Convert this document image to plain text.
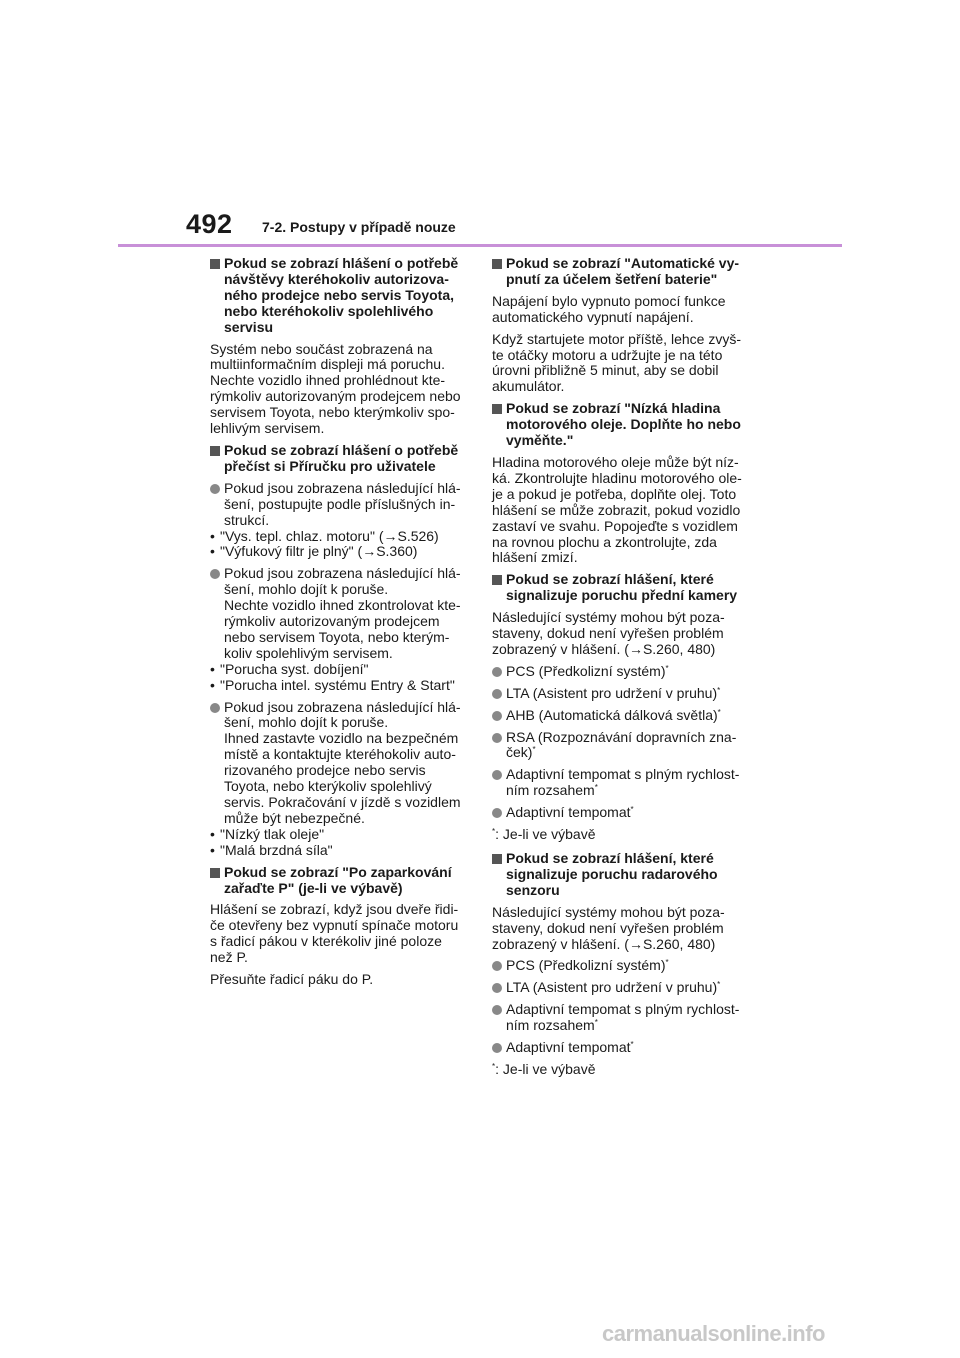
492 7-2. Postupy v případě nouze
Pokud se zobrazí hlášení o potřebě
návštěvy kteréhokoliv autorizova-
ného prodejce nebo servis Toyota,
nebo kteréhokoliv spolehlivého
servisu
Systém nebo součást zobrazená na
multiinformačním displeji má poruchu.
Nechte vozidlo ihned prohlédnout kte-
rýmkoliv autorizovaným prodejcem nebo
servisem Toyota, nebo kterýmkoliv spo-
lehlivým servisem.
Pokud se zobrazí hlášení o potřebě
přečíst si Příručku pro uživatele
Pokud jsou zobrazena následující hlá-
šení, postupujte podle příslušných in-
strukcí.
• "Vys. tepl. chlaz. motoru" (→S.526)
• "Výfukový filtr je plný" (→S.360)
Pokud jsou zobrazena následující hlá-
šení, mohlo dojít k poruše.
Nechte vozidlo ihned zkontrolovat kte-
rýmkoliv autorizovaným prodejcem
nebo servisem Toyota, nebo kterým-
koliv spolehlivým servisem.
• "Porucha syst. dobíjení"
• "Porucha intel. systému Entry & Start"
Pokud jsou zobrazena následující hlá-
šení, mohlo dojít k poruše.
Ihned zastavte vozidlo na bezpečném
místě a kontaktujte kteréhokoliv auto-
rizovaného prodejce nebo servis
Toyota, nebo kterýkoliv spolehlivý
servis. Pokračování v jízdě s vozidlem
může být nebezpečné.
• "Nízký tlak oleje"
• "Malá brzdná síla"
Pokud se zobrazí "Po zaparkování
zařaďte P" (je-li ve výbavě)
Hlášení se zobrazí, když jsou dveře řidi-
če otevřeny bez vypnutí spínače motoru
s řadicí pákou v kterékoliv jiné poloze
než P.
Přesuňte řadicí páku do P.
Pokud se zobrazí "Automatické vy-
pnutí za účelem šetření baterie"
Napájení bylo vypnuto pomocí funkce
automatického vypnutí napájení.
Když startujete motor příště, lehce zvyš-
te otáčky motoru a udržujte je na této
úrovni přibližně 5 minut, aby se dobil
akumulátor.
Pokud se zobrazí "Nízká hladina
motorového oleje. Doplňte ho nebo
vyměňte."
Hladina motorového oleje může být níz-
ká. Zkontrolujte hladinu motorového ole-
je a pokud je potřeba, doplňte olej. Toto
hlášení se může zobrazit, pokud vozidlo
zastaví ve svahu. Popojeďte s vozidlem
na rovnou plochu a zkontrolujte, zda
hlášení zmizí.
Pokud se zobrazí hlášení, které
signalizuje poruchu přední kamery
Následující systémy mohou být poza-
staveny, dokud není vyřešen problém
zobrazený v hlášení. (→S.260, 480)
PCS (Předkolizní systém)*
LTA (Asistent pro udržení v pruhu)*
AHB (Automatická dálková světla)*
RSA (Rozpoznávání dopravních zna-
ček)*
Adaptivní tempomat s plným rychlost-
ním rozsahem*
Adaptivní tempomat*
*: Je-li ve výbavě
Pokud se zobrazí hlášení, které
signalizuje poruchu radarového
senzoru
Následující systémy mohou být poza-
staveny, dokud není vyřešen problém
zobrazený v hlášení. (→S.260, 480)
PCS (Předkolizní systém)*
LTA (Asistent pro udržení v pruhu)*
Adaptivní tempomat s plným rychlost-
ním rozsahem*
Adaptivní tempomat*
*: Je-li ve výbavě
carmanualsonline.info
